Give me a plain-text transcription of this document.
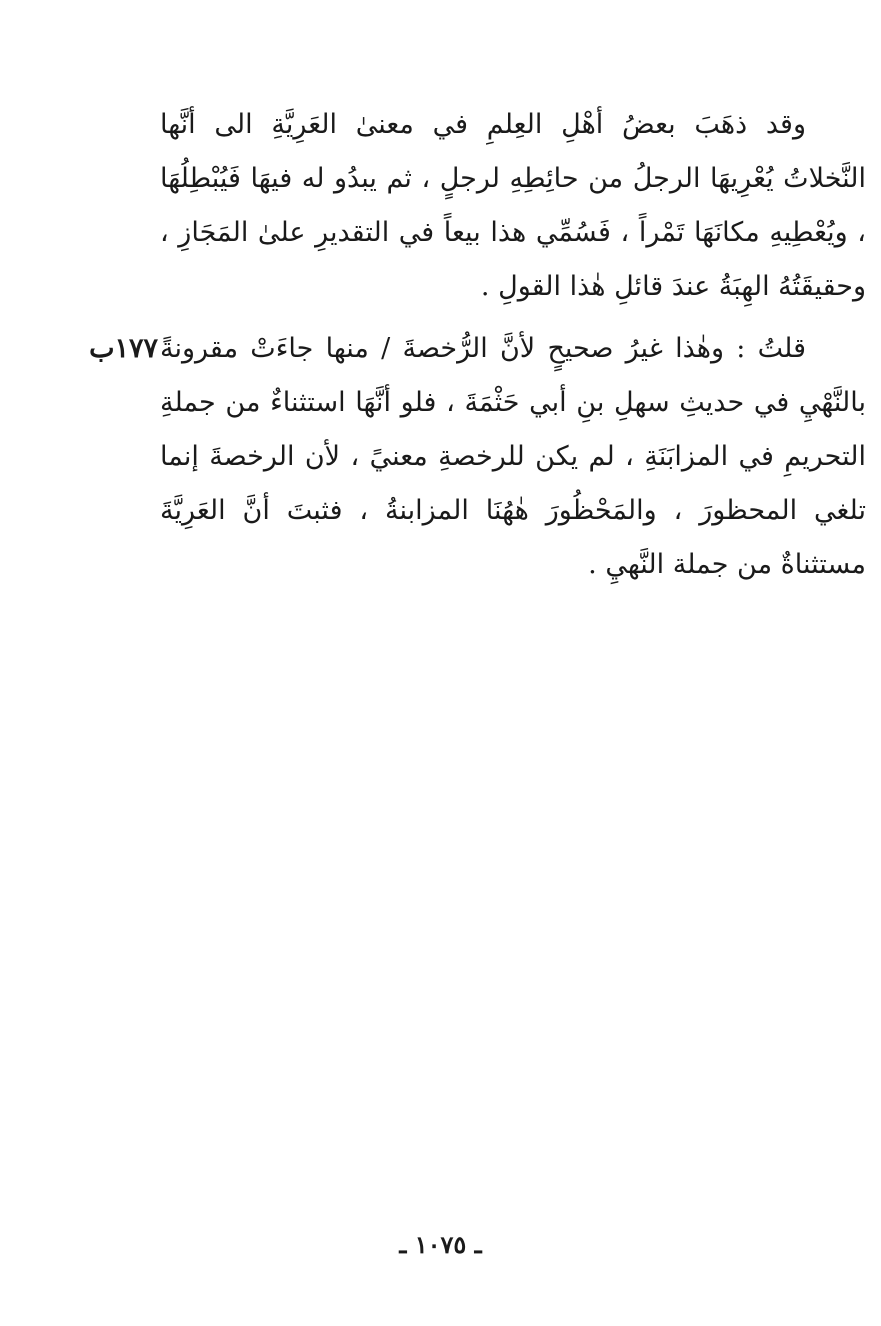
وقد ذهَبَ بعضُ أهْلِ العِلمِ في معنىٰ العَرِيَّةِ الى أنَّها النَّخلاتُ يُعْرِيهَا الرجلُ من حائِطِهِ لرجلٍ ، ثم يبدُو له فيهَا فَيُبْطِلُهَا ، ويُعْطِيهِ مكانَهَا تَمْراً ، فَسُمِّي هذا بيعاً في التقديرِ علىٰ المَجَازِ ، وحقيقَتُهُ الهِبَةُ عندَ قائلِ هٰذا القولِ .

١٧٧ب قلتُ : وهٰذا غيرُ صحيحٍ لأنَّ الرُّخصةَ / منها جاءَتْ مقرونةً بالنَّهْيِ في حديثِ سهلِ بنِ أبي حَثْمَةَ ، فلو أنَّهَا استثناءٌ من جملةِ التحريمِ في المزابَنَةِ ، لم يكن للرخصةِ معنيً ، لأن الرخصةَ إنما تلغي المحظورَ ، والمَحْظُورَ هٰهُنَا المزابنةُ ، فثبتَ أنَّ العَرِيَّةَ مستثناةٌ من جملة النَّهيِ .

ـ ١٠٧٥ ـ
